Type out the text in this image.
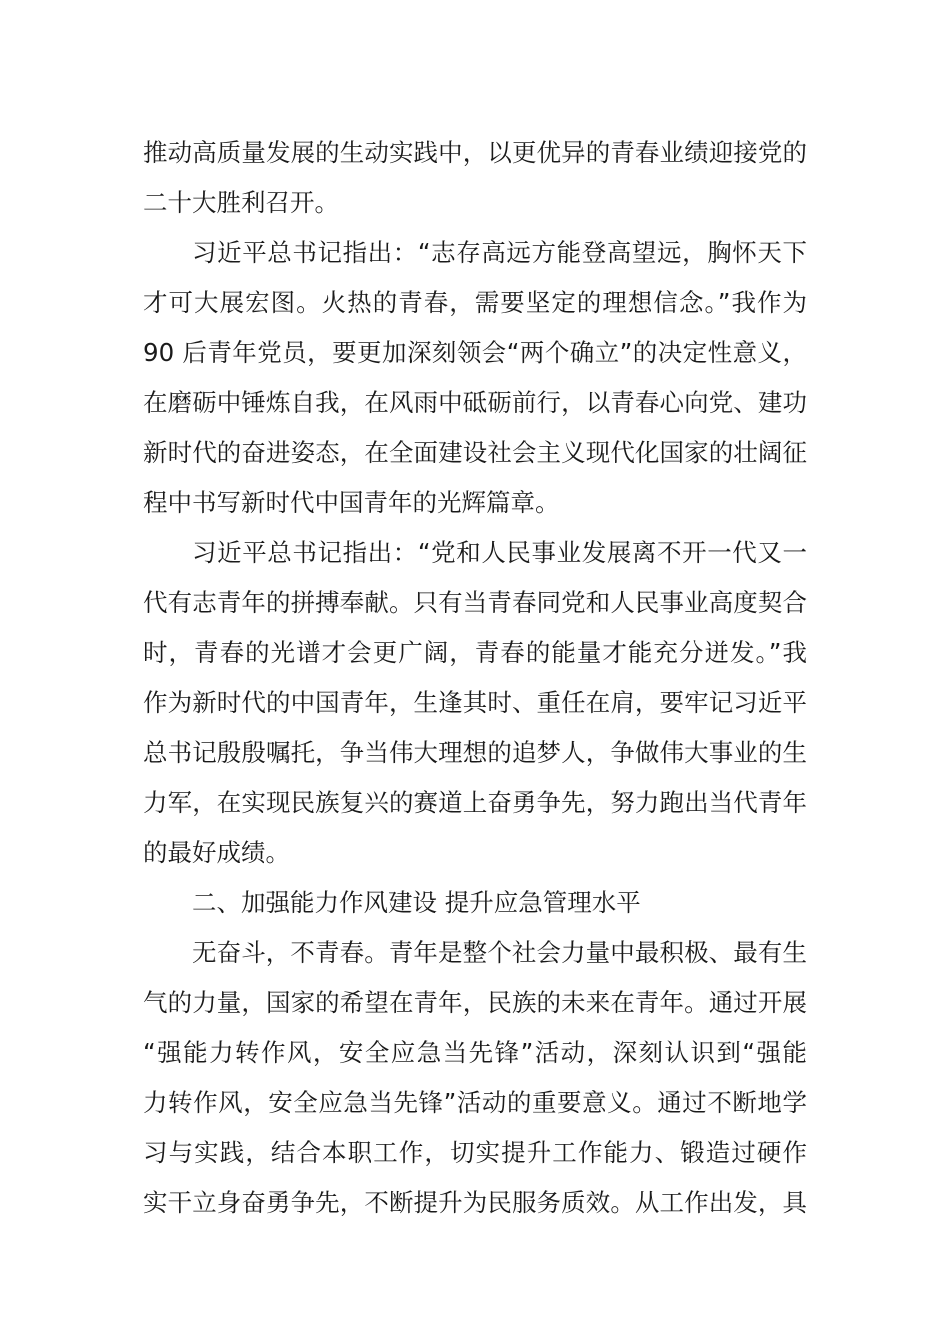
推动高质量发展的生动实践中，以更优异的青春业绩迎接党的
二十大胜利召开。
习近平总书记指出：“志存高远方能登高望远，胸怀天下
才可大展宏图。火热的青春，需要坚定的理想信念。”我作为
90 后青年党员，要更加深刻领会“两个确立”的决定性意义，
在磨砺中锤炼自我，在风雨中砥砺前行，以青春心向党、建功
新时代的奋进姿态，在全面建设社会主义现代化国家的壮阔征
程中书写新时代中国青年的光辉篇章。
习近平总书记指出：“党和人民事业发展离不开一代又一
代有志青年的拼搏奉献。只有当青春同党和人民事业高度契合
时，青春的光谱才会更广阔，青春的能量才能充分迸发。”我
作为新时代的中国青年，生逢其时、重任在肩，要牢记习近平
总书记殷殷嘱托，争当伟大理想的追梦人，争做伟大事业的生
力军，在实现民族复兴的赛道上奋勇争先，努力跑出当代青年
的最好成绩。
二、加强能力作风建设 提升应急管理水平
无奋斗，不青春。青年是整个社会力量中最积极、最有生
气的力量，国家的希望在青年，民族的未来在青年。通过开展
“强能力转作风，安全应急当先锋”活动，深刻认识到“强能
力转作风，安全应急当先锋”活动的重要意义。通过不断地学
习与实践，结合本职工作，切实提升工作能力、锻造过硬作
实干立身奋勇争先，不断提升为民服务质效。从工作出发，具
